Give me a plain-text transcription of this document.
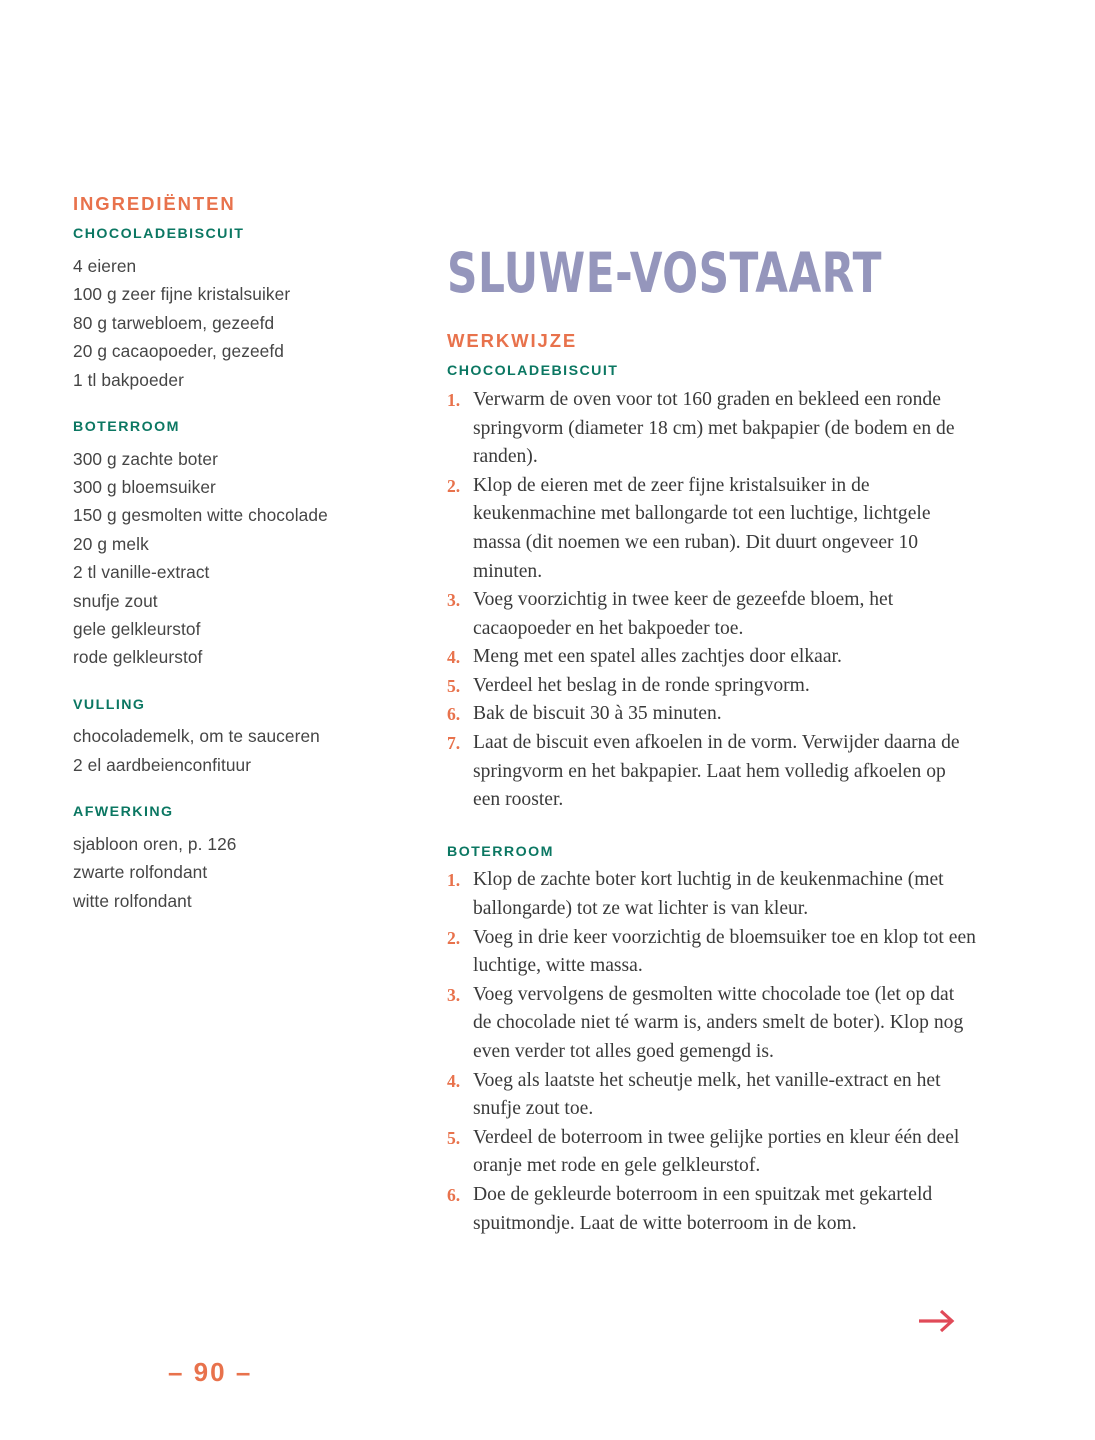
INGREDIËNTEN
CHOCOLADEBISCUIT
4 eieren
100 g zeer fijne kristalsuiker
80 g tarwebloem, gezeefd
20 g cacaopoeder, gezeefd
1 tl bakpoeder
BOTERROOM
300 g zachte boter
300 g bloemsuiker
150 g gesmolten witte chocolade
20 g melk
2 tl vanille-extract
snufje zout
gele gelkleurstof
rode gelkleurstof
VULLING
chocolademelk, om te sauceren
2 el aardbeienconfituur
AFWERKING
sjabloon oren, p. 126
zwarte rolfondant
witte rolfondant
SLUWE-VOSTAART
WERKWIJZE
CHOCOLADEBISCUIT
1. Verwarm de oven voor tot 160 graden en bekleed een ronde springvorm (diameter 18 cm) met bakpapier (de bodem en de randen).
2. Klop de eieren met de zeer fijne kristalsuiker in de keukenmachine met ballongarde tot een luchtige, lichtgele massa (dit noemen we een ruban). Dit duurt ongeveer 10 minuten.
3. Voeg voorzichtig in twee keer de gezeefde bloem, het cacaopoeder en het bakpoeder toe.
4. Meng met een spatel alles zachtjes door elkaar.
5. Verdeel het beslag in de ronde springvorm.
6. Bak de biscuit 30 à 35 minuten.
7. Laat de biscuit even afkoelen in de vorm. Verwijder daarna de springvorm en het bakpapier. Laat hem volledig afkoelen op een rooster.
BOTERROOM
1. Klop de zachte boter kort luchtig in de keukenmachine (met ballongarde) tot ze wat lichter is van kleur.
2. Voeg in drie keer voorzichtig de bloemsuiker toe en klop tot een luchtige, witte massa.
3. Voeg vervolgens de gesmolten witte chocolade toe (let op dat de chocolade niet té warm is, anders smelt de boter). Klop nog even verder tot alles goed gemengd is.
4. Voeg als laatste het scheutje melk, het vanille-extract en het snufje zout toe.
5. Verdeel de boterroom in twee gelijke porties en kleur één deel oranje met rode en gele gelkleurstof.
6. Doe de gekleurde boterroom in een spuitzak met gekarteld spuitmondje. Laat de witte boterroom in de kom.
– 90 –
